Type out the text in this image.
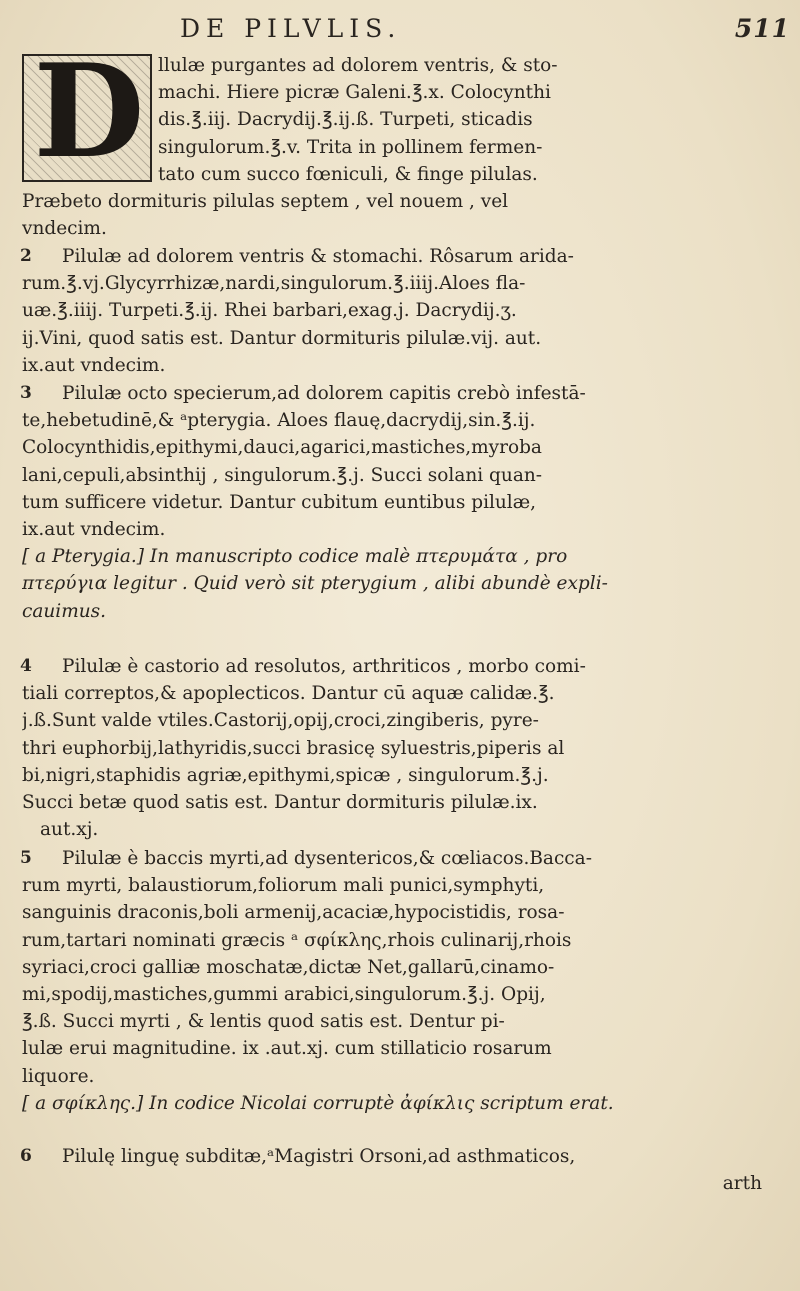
DE PILVLIS.	511
D llulæ purgantes ad dolorem ventris, & sto-
machi. Hiere picræ Galeni.℥.x. Colocynthi
dis.℥.iij. Dacrydij.℥.ij.ß. Turpeti, sticadis
singulorum.℥.v. Trita in pollinem fermen-
tato cum succo fœniculi, & finge pilulas.
Præbeto dormituris pilulas septem , vel nouem , vel
vndecim.
2	Pilulæ ad dolorem ventris & stomachi. Rôsarum arida-
rum.℥.vj.Glycyrrhizæ,nardi,singulorum.℥.iiij.Aloes fla-
uæ.℥.iiij. Turpeti.℥.ij. Rhei barbari,exag.j. Dacrydij.ʒ.
ij.Vini, quod satis est. Dantur dormituris pilulæ.vij. aut.
ix.aut vndecim.
3	Pilulæ octo specierum,ad dolorem capitis crebò infestā-
te,hebetudinē,& ᵃpterygia. Aloes flauę,dacrydij,sin.℥.ij.
Colocynthidis,epithymi,dauci,agarici,mastiches,myroba
lani,cepuli,absinthij , singulorum.℥.j. Succi solani quan-
tum sufficere videtur. Dantur cubitum euntibus pilulæ,
ix.aut vndecim.
[ a Pterygia.] In manuscripto codice malè πτερυμάτα , pro
πτερύγια legitur . Quid verò sit pterygium , alibi abundè expli-
cauimus.
4	Pilulæ è castorio ad resolutos, arthriticos , morbo comi-
tiali correptos,& apoplecticos. Dantur cū aquæ calidæ.℥.
j.ß.Sunt valde vtiles.Castorij,opij,croci,zingiberis, pyre-
thri euphorbij,lathyridis,succi brasicę syluestris,piperis al
bi,nigri,staphidis agriæ,epithymi,spicæ , singulorum.℥.j.
Succi betæ quod satis est. Dantur dormituris pilulæ.ix.
aut.xj.
5	Pilulæ è baccis myrti,ad dysentericos,& cœliacos.Bacca-
rum myrti, balaustiorum,foliorum mali punici,symphyti,
sanguinis draconis,boli armenij,acaciæ,hypocistidis, rosa-
rum,tartari nominati græcis ᵃ σφίκλης,rhois culinarij,rhois
syriaci,croci galliæ moschatæ,dictæ Net,gallarū,cinamo-
mi,spodij,mastiches,gummi arabici,singulorum.℥.j. Opij,
℥.ß. Succi myrti , & lentis quod satis est. Dentur pi-
lulæ erui magnitudine. ix .aut.xj. cum stillaticio rosarum
liquore.
[ a σφίκλης.] In codice Nicolai corruptè ἀφίκλις scriptum erat.
6	Pilulę linguę subditæ,ᵃMagistri Orsoni,ad asthmaticos,
arth
